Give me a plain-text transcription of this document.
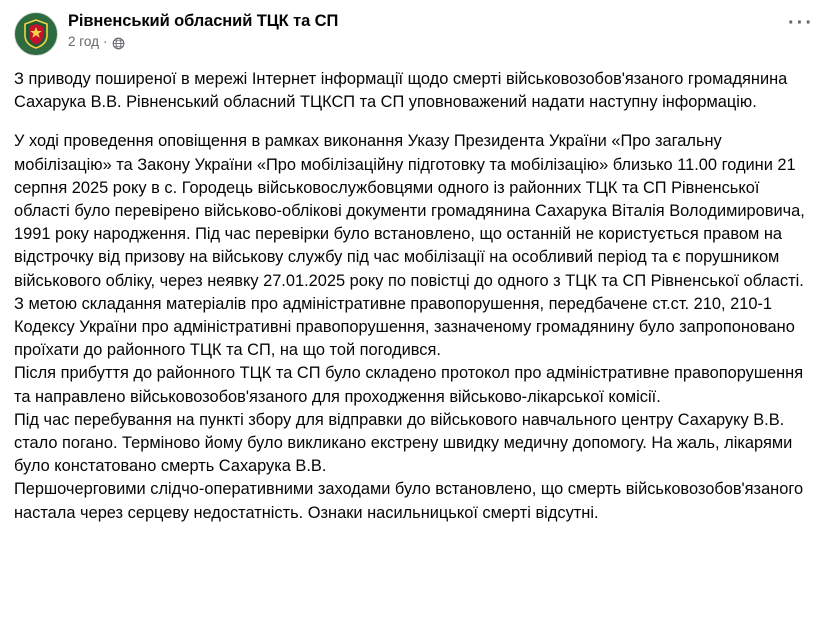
Рівненський обласний ТЦК та СП
2 год ·
···

З приводу поширеної в мережі Інтернет інформації щодо смерті військовозобов'язаного громадянина Сахарука В.В. Рівненський обласний ТЦКСП та СП уповноважений надати наступну інформацію.

У ході проведення оповіщення в рамках виконання Указу Президента України «Про загальну мобілізацію» та Закону України «Про мобілізаційну підготовку та мобілізацію» близько 11.00 години 21 серпня 2025 року в с. Городець військовослужбовцями одного із районних ТЦК та СП Рівненської області було перевірено військово-облікові документи громадянина Сахарука Віталія Володимировича, 1991 року народження. Під час перевірки було встановлено, що останній не користується правом на відстрочку від призову на військову службу під час мобілізації на особливий період та є порушником військового обліку, через неявку 27.01.2025 року по повістці до одного з ТЦК та СП Рівненської області.

З метою складання матеріалів про адміністративне правопорушення, передбачене ст.ст. 210, 210-1 Кодексу України про адміністративні правопорушення, зазначеному громадянину було запропоновано проїхати до районного ТЦК та СП, на що той погодився.

Після прибуття до районного ТЦК та СП було складено протокол про адміністративне правопорушення та направлено військовозобов'язаного для проходження військово-лікарської комісії.

Під час перебування на пункті збору для відправки до військового навчального центру Сахаруку В.В. стало погано. Терміново йому було викликано екстрену швидку медичну допомогу. На жаль, лікарями було констатовано смерть Сахарука В.В.

Першочерговими слідчо-оперативними заходами було встановлено, що смерть військовозобов'язаного настала через серцеву недостатність. Ознаки насильницької смерті відсутні.
